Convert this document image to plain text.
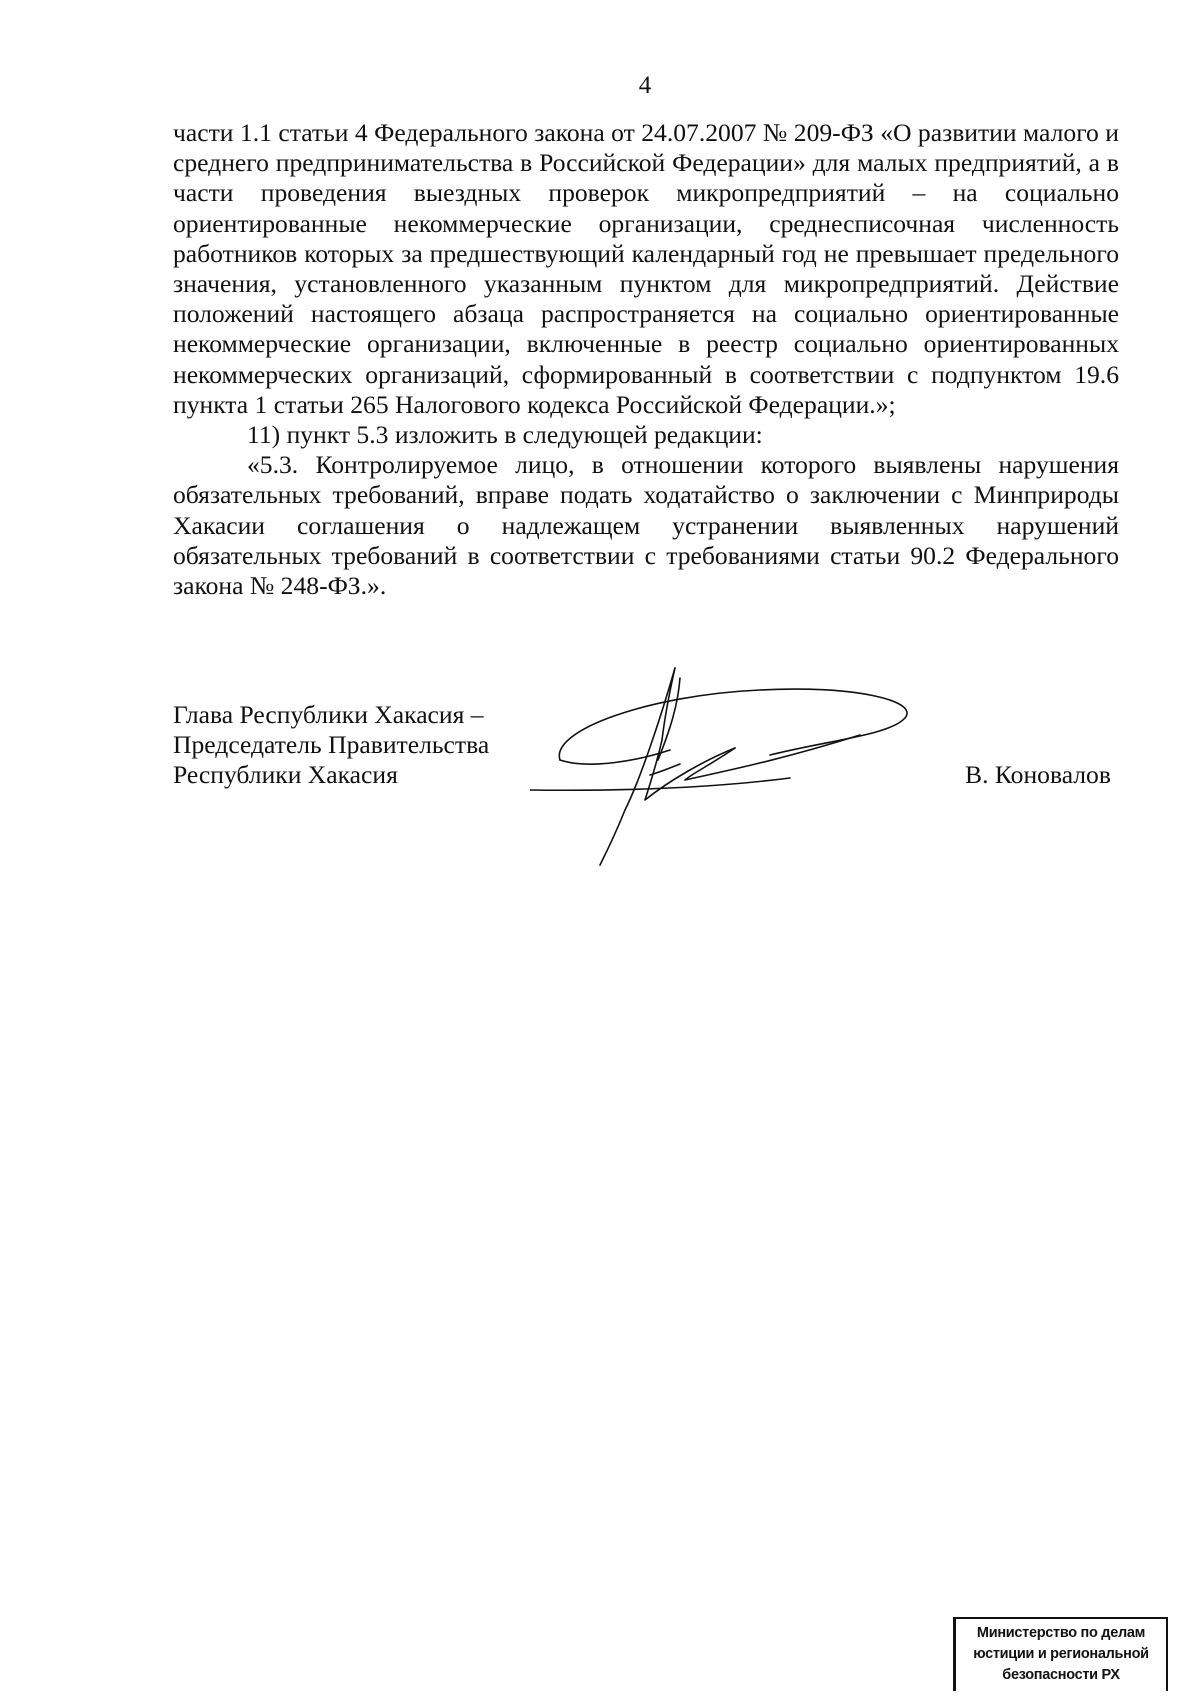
4

части 1.1 статьи 4 Федерального закона от 24.07.2007 № 209-ФЗ «О развитии малого и среднего предпринимательства в Российской Федерации» для малых предприятий, а в части проведения выездных проверок микропредприятий – на социально ориентированные некоммерческие организации, среднесписочная численность работников которых за предшествующий календарный год не превышает предельного значения, установленного указанным пунктом для микропредприятий. Действие положений настоящего абзаца распространяется на социально ориентированные некоммерческие организации, включенные в реестр социально ориентированных некоммерческих организаций, сформированный в соответствии с подпунктом 19.6 пункта 1 статьи 265 Налогового кодекса Российской Федерации.»;

11) пункт 5.3 изложить в следующей редакции:

«5.3. Контролируемое лицо, в отношении которого выявлены нарушения обязательных требований, вправе подать ходатайство о заключении с Минприроды Хакасии соглашения о надлежащем устранении выявленных нарушений обязательных требований в соответствии с требованиями статьи 90.2 Федерального закона № 248-ФЗ.».

Глава Республики Хакасия –
Председатель Правительства
Республики Хакасия	В. Коновалов
Министерство по делам
юстиции и региональной
безопасности РХ
